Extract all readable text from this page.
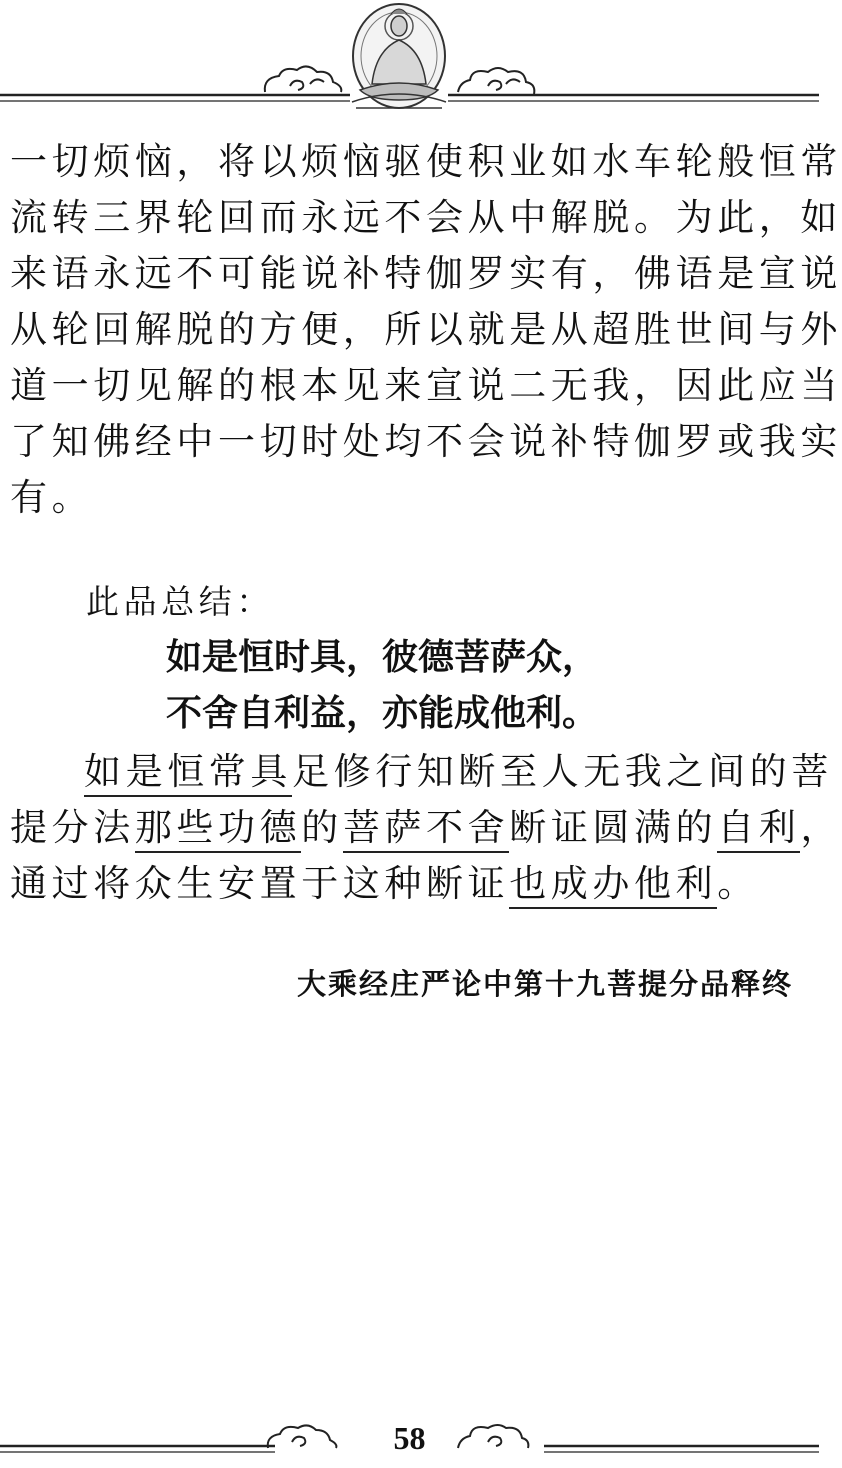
一切烦恼，将以烦恼驱使积业如水车轮般恒常
流转三界轮回而永远不会从中解脱。为此，如
来语永远不可能说补特伽罗实有，佛语是宣说
从轮回解脱的方便，所以就是从超胜世间与外
道一切见解的根本见来宣说二无我，因此应当
了知佛经中一切时处均不会说补特伽罗或我实
有。
此品总结：
如是恒时具，彼德菩萨众，
不舍自利益，亦能成他利。
如是恒常具足修行知断至人无我之间的菩
提分法那些功德的菩萨不舍断证圆满的自利，
通过将众生安置于这种断证也成办他利。
大乘经庄严论中第十九菩提分品释终
58
